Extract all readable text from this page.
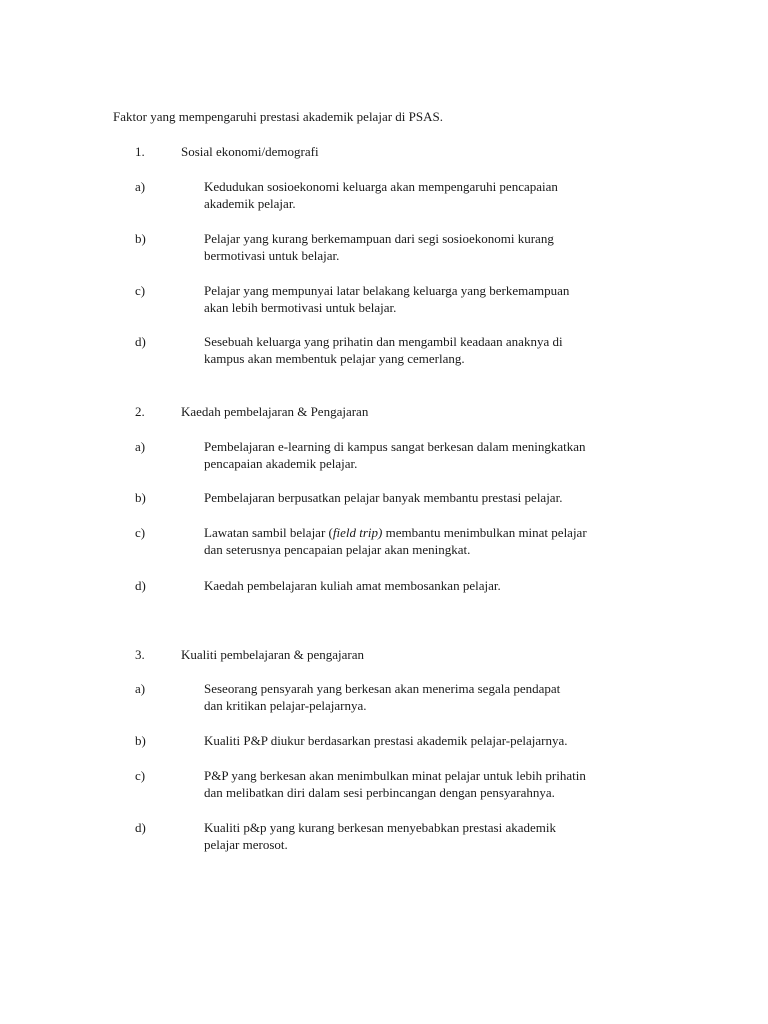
Faktor yang mempengaruhi prestasi akademik pelajar di PSAS.
1.	Sosial ekonomi/demografi
a)	Kedudukan sosioekonomi keluarga akan mempengaruhi pencapaian
akademik pelajar.
b)	Pelajar yang kurang berkemampuan dari segi sosioekonomi kurang
bermotivasi untuk belajar.
c)	Pelajar yang mempunyai latar belakang keluarga yang berkemampuan
akan lebih bermotivasi untuk belajar.
d)	Sesebuah keluarga yang prihatin dan mengambil keadaan anaknya di
kampus akan membentuk pelajar yang cemerlang.
2.	Kaedah pembelajaran & Pengajaran
a)	Pembelajaran e-learning di kampus sangat berkesan dalam meningkatkan
pencapaian akademik pelajar.
b)	Pembelajaran berpusatkan pelajar banyak membantu prestasi pelajar.
c)	Lawatan sambil belajar (field trip) membantu menimbulkan minat pelajar
dan seterusnya pencapaian pelajar akan meningkat.
d)	Kaedah pembelajaran kuliah amat membosankan pelajar.
3.	Kualiti pembelajaran & pengajaran
a)	Seseorang pensyarah yang berkesan akan menerima segala pendapat
dan kritikan pelajar-pelajarnya.
b)	Kualiti P&P diukur berdasarkan prestasi akademik pelajar-pelajarnya.
c)	P&P yang berkesan akan menimbulkan minat pelajar untuk lebih prihatin
dan melibatkan diri dalam sesi perbincangan dengan pensyarahnya.
d)	Kualiti p&p yang kurang berkesan menyebabkan prestasi akademik
pelajar merosot.
